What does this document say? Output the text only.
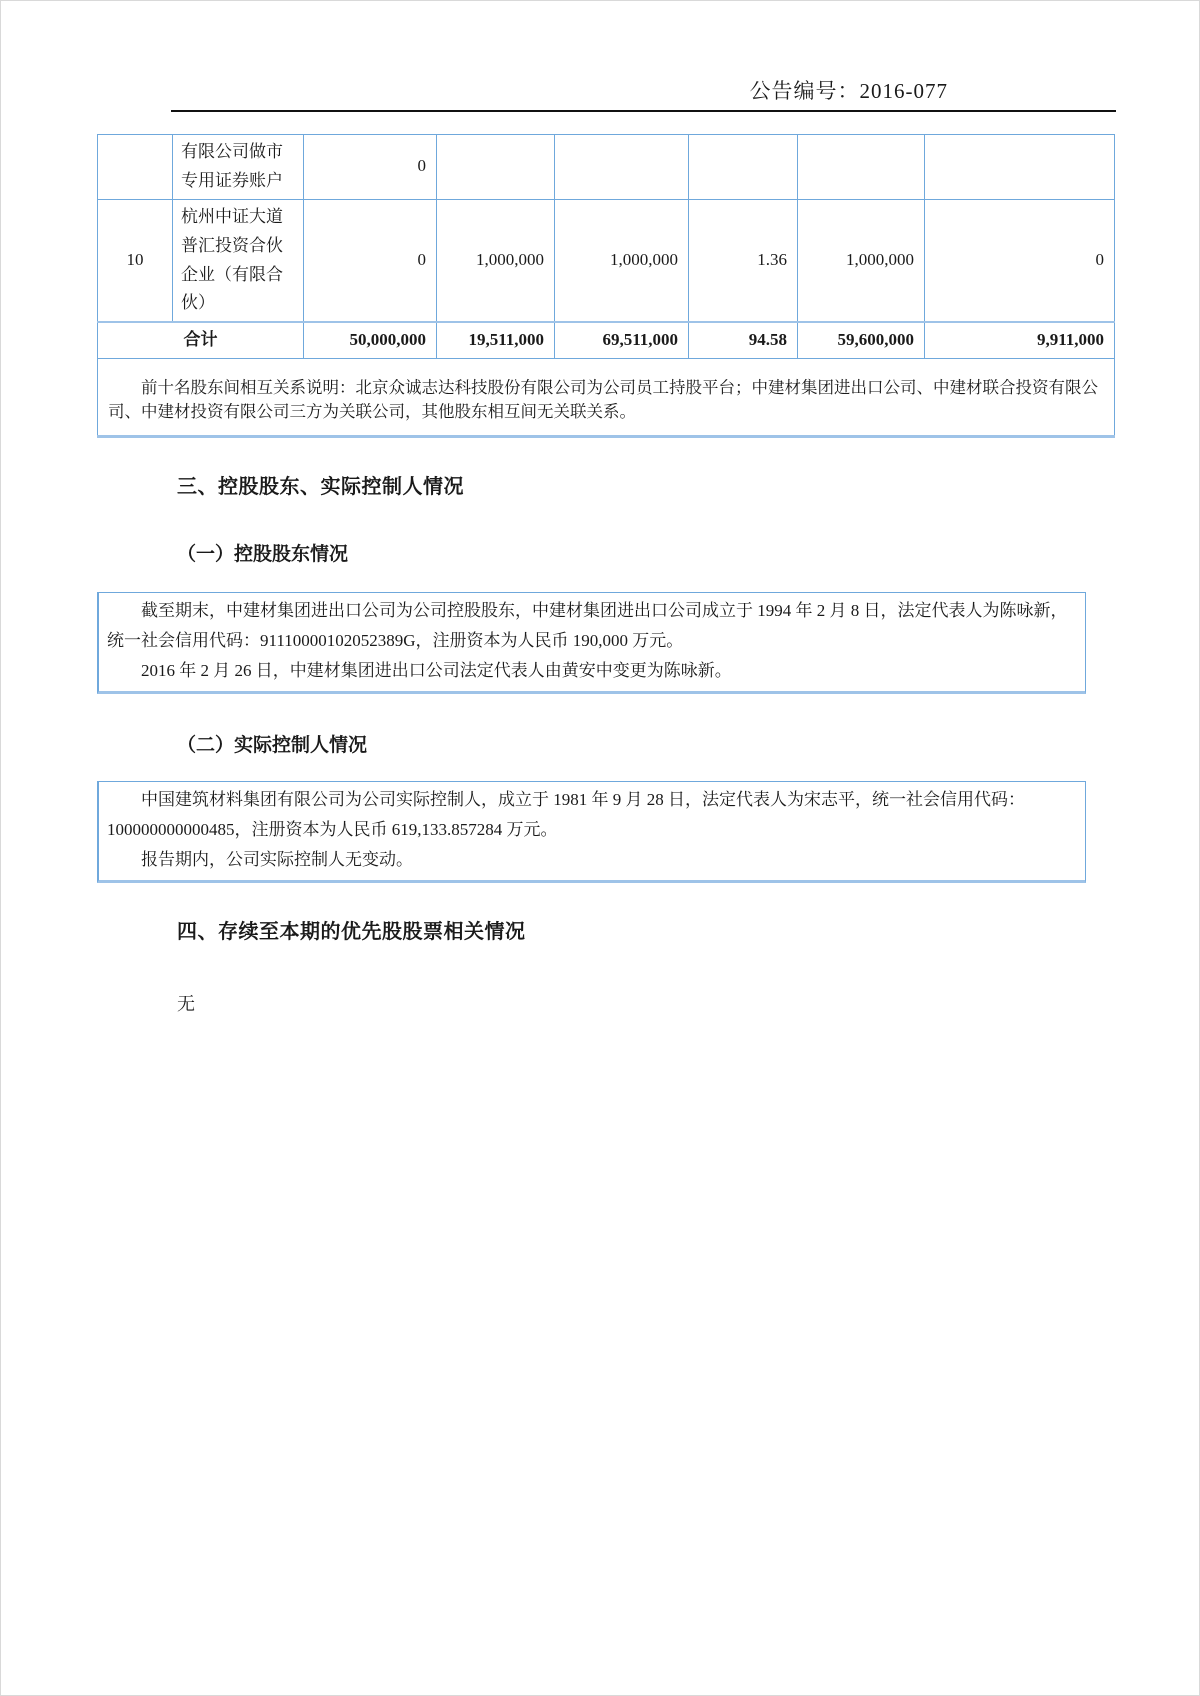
公告编号：2016-077
	有限公司做市专用证券账户	0					
10	杭州中证大道普汇投资合伙企业（有限合伙）	0	1,000,000	1,000,000	1.36	1,000,000	0
合计		50,000,000	19,511,000	69,511,000	94.58	59,600,000	9,911,000
前十名股东间相互关系说明：北京众诚志达科技股份有限公司为公司员工持股平台；中建材集团进出口公司、中建材联合投资有限公司、中建材投资有限公司三方为关联公司，其他股东相互间无关联关系。							
三、控股股东、实际控制人情况
（一）控股股东情况

截至期末，中建材集团进出口公司为公司控股股东，中建材集团进出口公司成立于 1994 年 2 月 8 日，法定代表人为陈咏新，统一社会信用代码：91110000102052389G，注册资本为人民币 190,000 万元。

2016 年 2 月 26 日，中建材集团进出口公司法定代表人由黄安中变更为陈咏新。

（二）实际控制人情况

中国建筑材料集团有限公司为公司实际控制人，成立于 1981 年 9 月 28 日，法定代表人为宋志平，统一社会信用代码：100000000000485，注册资本为人民币 619,133.857284 万元。

报告期内，公司实际控制人无变动。

四、存续至本期的优先股股票相关情况

无
